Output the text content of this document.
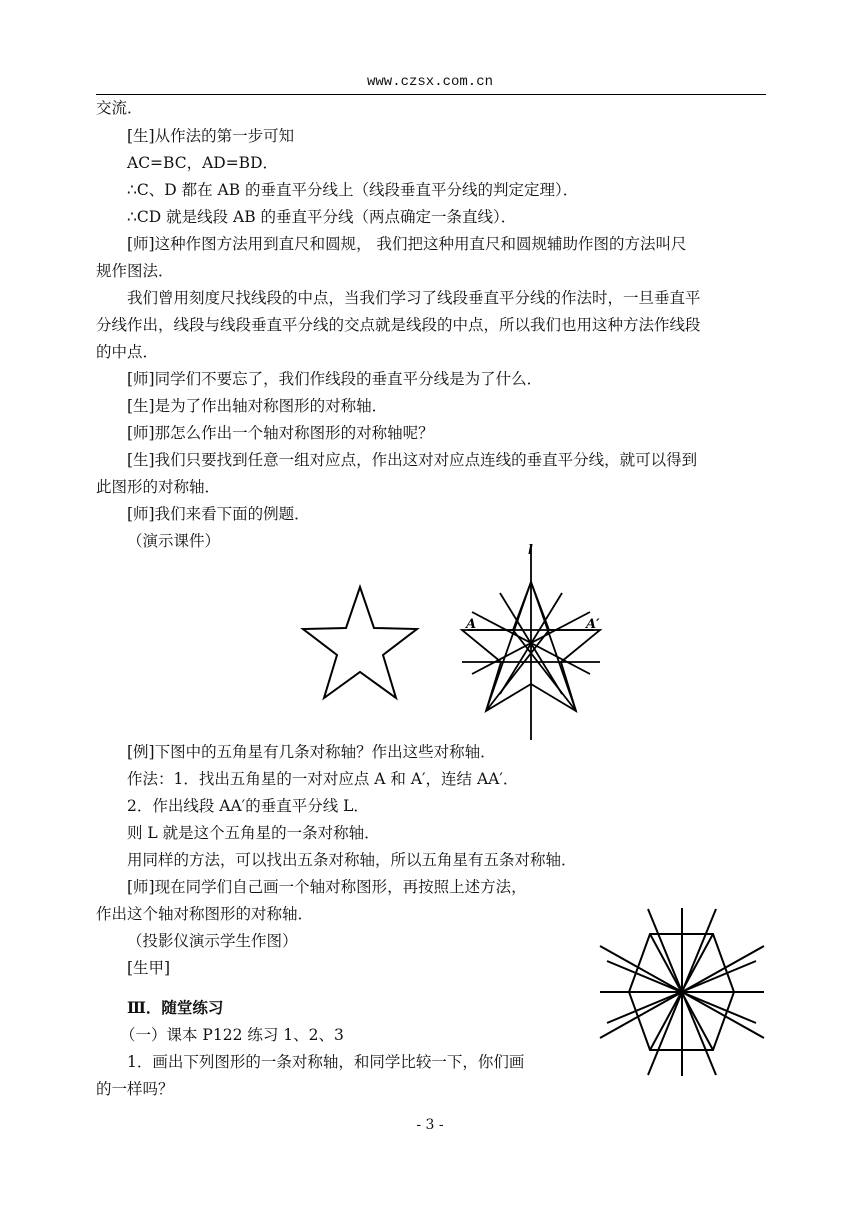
www.czsx.com.cn
交流．
[生]从作法的第一步可知
AC=BC，AD=BD．
∴C、D 都在 AB 的垂直平分线上（线段垂直平分线的判定定理）．
∴CD 就是线段 AB 的垂直平分线（两点确定一条直线）．
[师]这种作图方法用到直尺和圆规， 我们把这种用直尺和圆规辅助作图的方法叫尺
规作图法．
我们曾用刻度尺找线段的中点，当我们学习了线段垂直平分线的作法时，一旦垂直平
分线作出，线段与线段垂直平分线的交点就是线段的中点，所以我们也用这种方法作线段
的中点．
[师]同学们不要忘了，我们作线段的垂直平分线是为了什么．
[生]是为了作出轴对称图形的对称轴．
[师]那怎么作出一个轴对称图形的对称轴呢？
[生]我们只要找到任意一组对应点，作出这对对应点连线的垂直平分线，就可以得到
此图形的对称轴．
[师]我们来看下面的例题．
（演示课件）
l
A	A′
[例]下图中的五角星有几条对称轴？作出这些对称轴．
作法：1．找出五角星的一对对应点 A 和 A′，连结 AA′．
2．作出线段 AA′的垂直平分线 L．
则 L 就是这个五角星的一条对称轴．
用同样的方法，可以找出五条对称轴，所以五角星有五条对称轴．
[师]现在同学们自己画一个轴对称图形，再按照上述方法，
作出这个轴对称图形的对称轴．
（投影仪演示学生作图）
[生甲]
Ⅲ．随堂练习
（一）课本 P122 练习 1、2、3
1．画出下列图形的一条对称轴，和同学比较一下，你们画
的一样吗？
- 3 -
